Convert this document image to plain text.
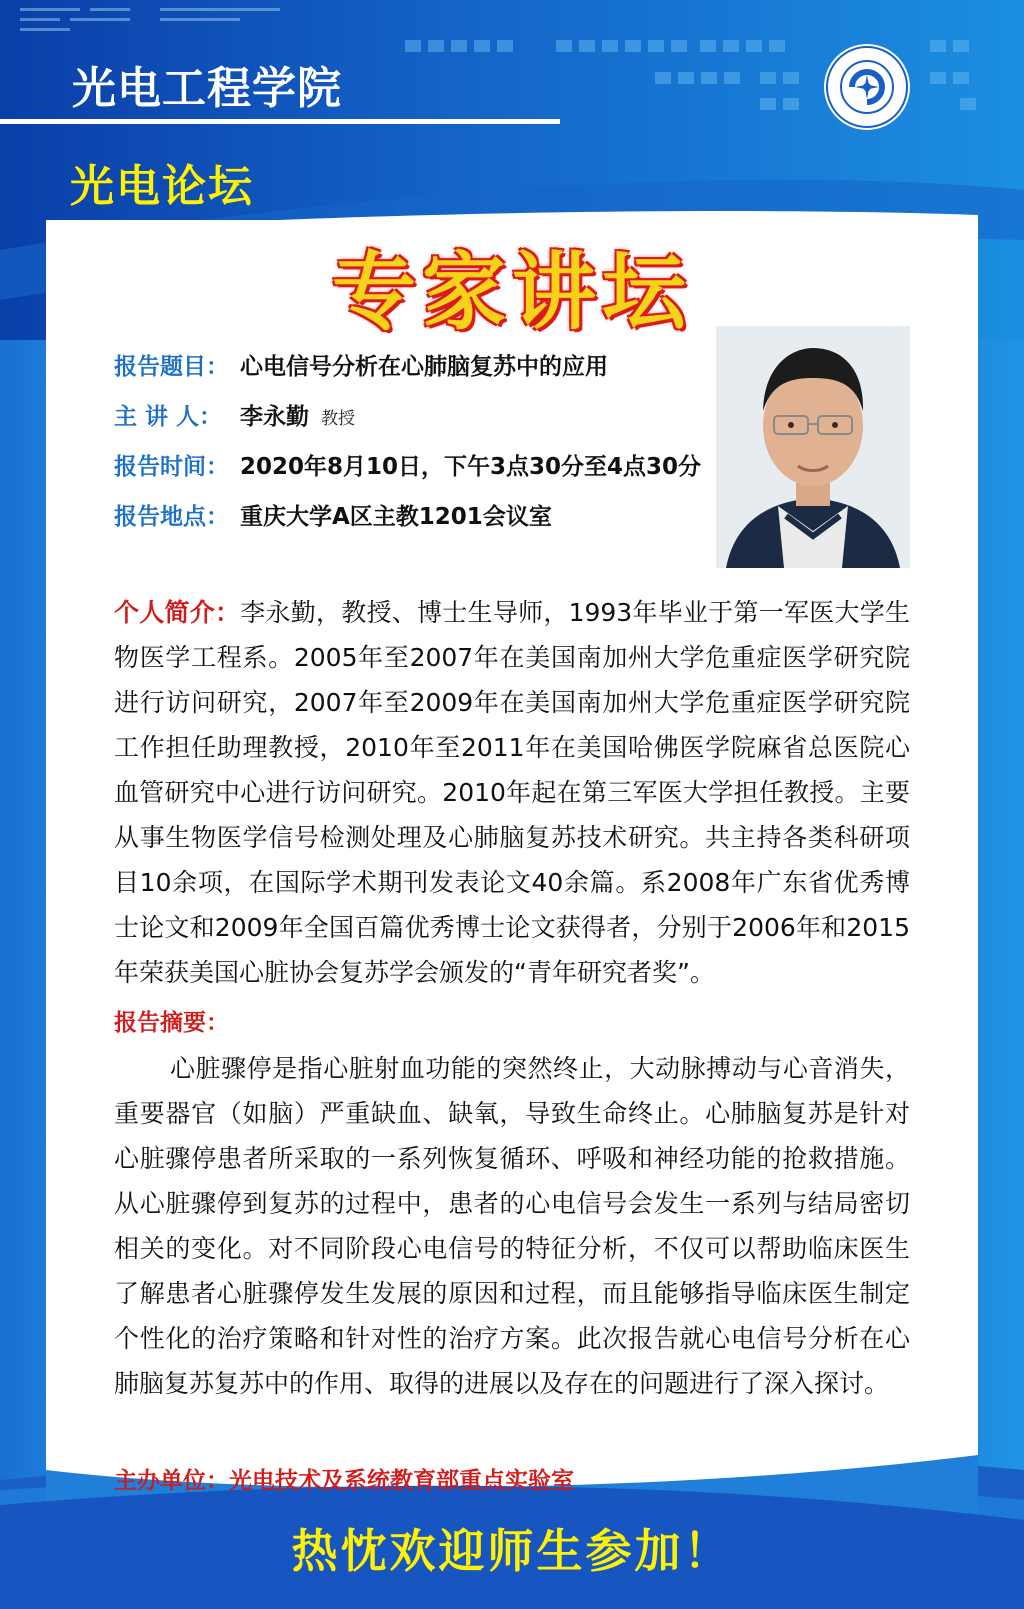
光电工程学院
光电论坛
专家讲坛
报告题目： 心电信号分析在心肺脑复苏中的应用
主 讲 人： 李永勤 教授
报告时间： 2020年8月10日，下午3点30分至4点30分
报告地点： 重庆大学A区主教1201会议室
个人简介：李永勤，教授、博士生导师，1993年毕业于第一军医大学生物医学工程系。2005年至2007年在美国南加州大学危重症医学研究院进行访问研究，2007年至2009年在美国南加州大学危重症医学研究院工作担任助理教授，2010年至2011年在美国哈佛医学院麻省总医院心血管研究中心进行访问研究。2010年起在第三军医大学担任教授。主要从事生物医学信号检测处理及心肺脑复苏技术研究。共主持各类科研项目10余项，在国际学术期刊发表论文40余篇。系2008年广东省优秀博士论文和2009年全国百篇优秀博士论文获得者，分别于2006年和2015年荣获美国心脏协会复苏学会颁发的“青年研究者奖”。
报告摘要：
心脏骤停是指心脏射血功能的突然终止，大动脉搏动与心音消失，重要器官（如脑）严重缺血、缺氧，导致生命终止。心肺脑复苏是针对心脏骤停患者所采取的一系列恢复循环、呼吸和神经功能的抢救措施。从心脏骤停到复苏的过程中，患者的心电信号会发生一系列与结局密切相关的变化。对不同阶段心电信号的特征分析，不仅可以帮助临床医生了解患者心脏骤停发生发展的原因和过程，而且能够指导临床医生制定个性化的治疗策略和针对性的治疗方案。此次报告就心电信号分析在心肺脑复苏复苏中的作用、取得的进展以及存在的问题进行了深入探讨。
主办单位：光电技术及系统教育部重点实验室
热忱欢迎师生参加！
